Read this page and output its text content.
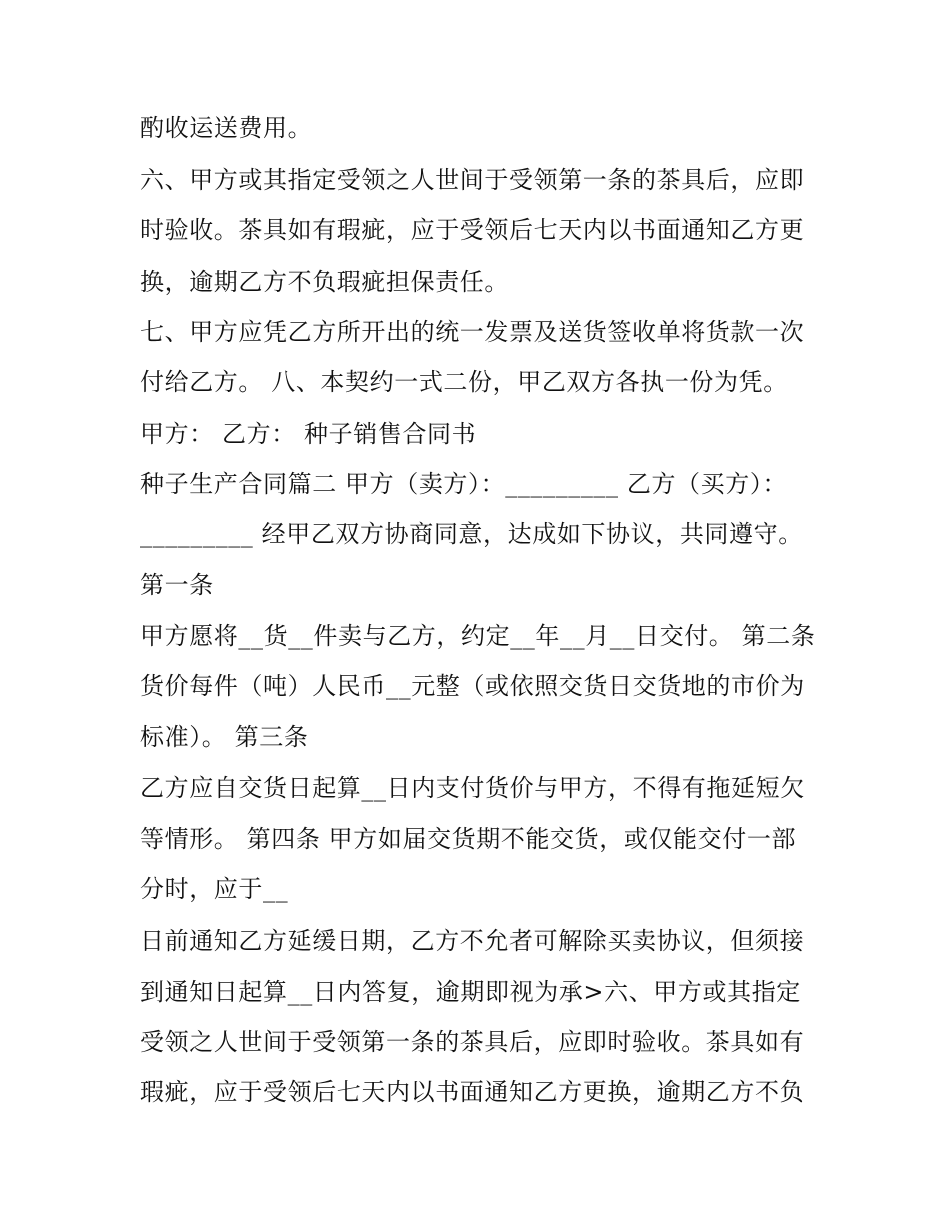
酌收运送费用。
六、甲方或其指定受领之人世间于受领第一条的茶具后，应即
时验收。茶具如有瑕疵，应于受领后七天内以书面通知乙方更
换，逾期乙方不负瑕疵担保责任。
七、甲方应凭乙方所开出的统一发票及送货签收单将货款一次
付给乙方。 八、本契约一式二份，甲乙双方各执一份为凭。
甲方： 乙方： 种子销售合同书
种子生产合同篇二 甲方（卖方）：_________ 乙方（买方）：
_________ 经甲乙双方协商同意，达成如下协议，共同遵守。
第一条
甲方愿将__货__件卖与乙方，约定__年__月__日交付。 第二条
货价每件（吨）人民币__元整（或依照交货日交货地的市价为
标准）。 第三条
乙方应自交货日起算__日内支付货价与甲方，不得有拖延短欠
等情形。 第四条 甲方如届交货期不能交货，或仅能交付一部
分时，应于__
日前通知乙方延缓日期，乙方不允者可解除买卖协议，但须接
到通知日起算__日内答复，逾期即视为承>六、甲方或其指定
受领之人世间于受领第一条的茶具后，应即时验收。茶具如有
瑕疵，应于受领后七天内以书面通知乙方更换，逾期乙方不负
